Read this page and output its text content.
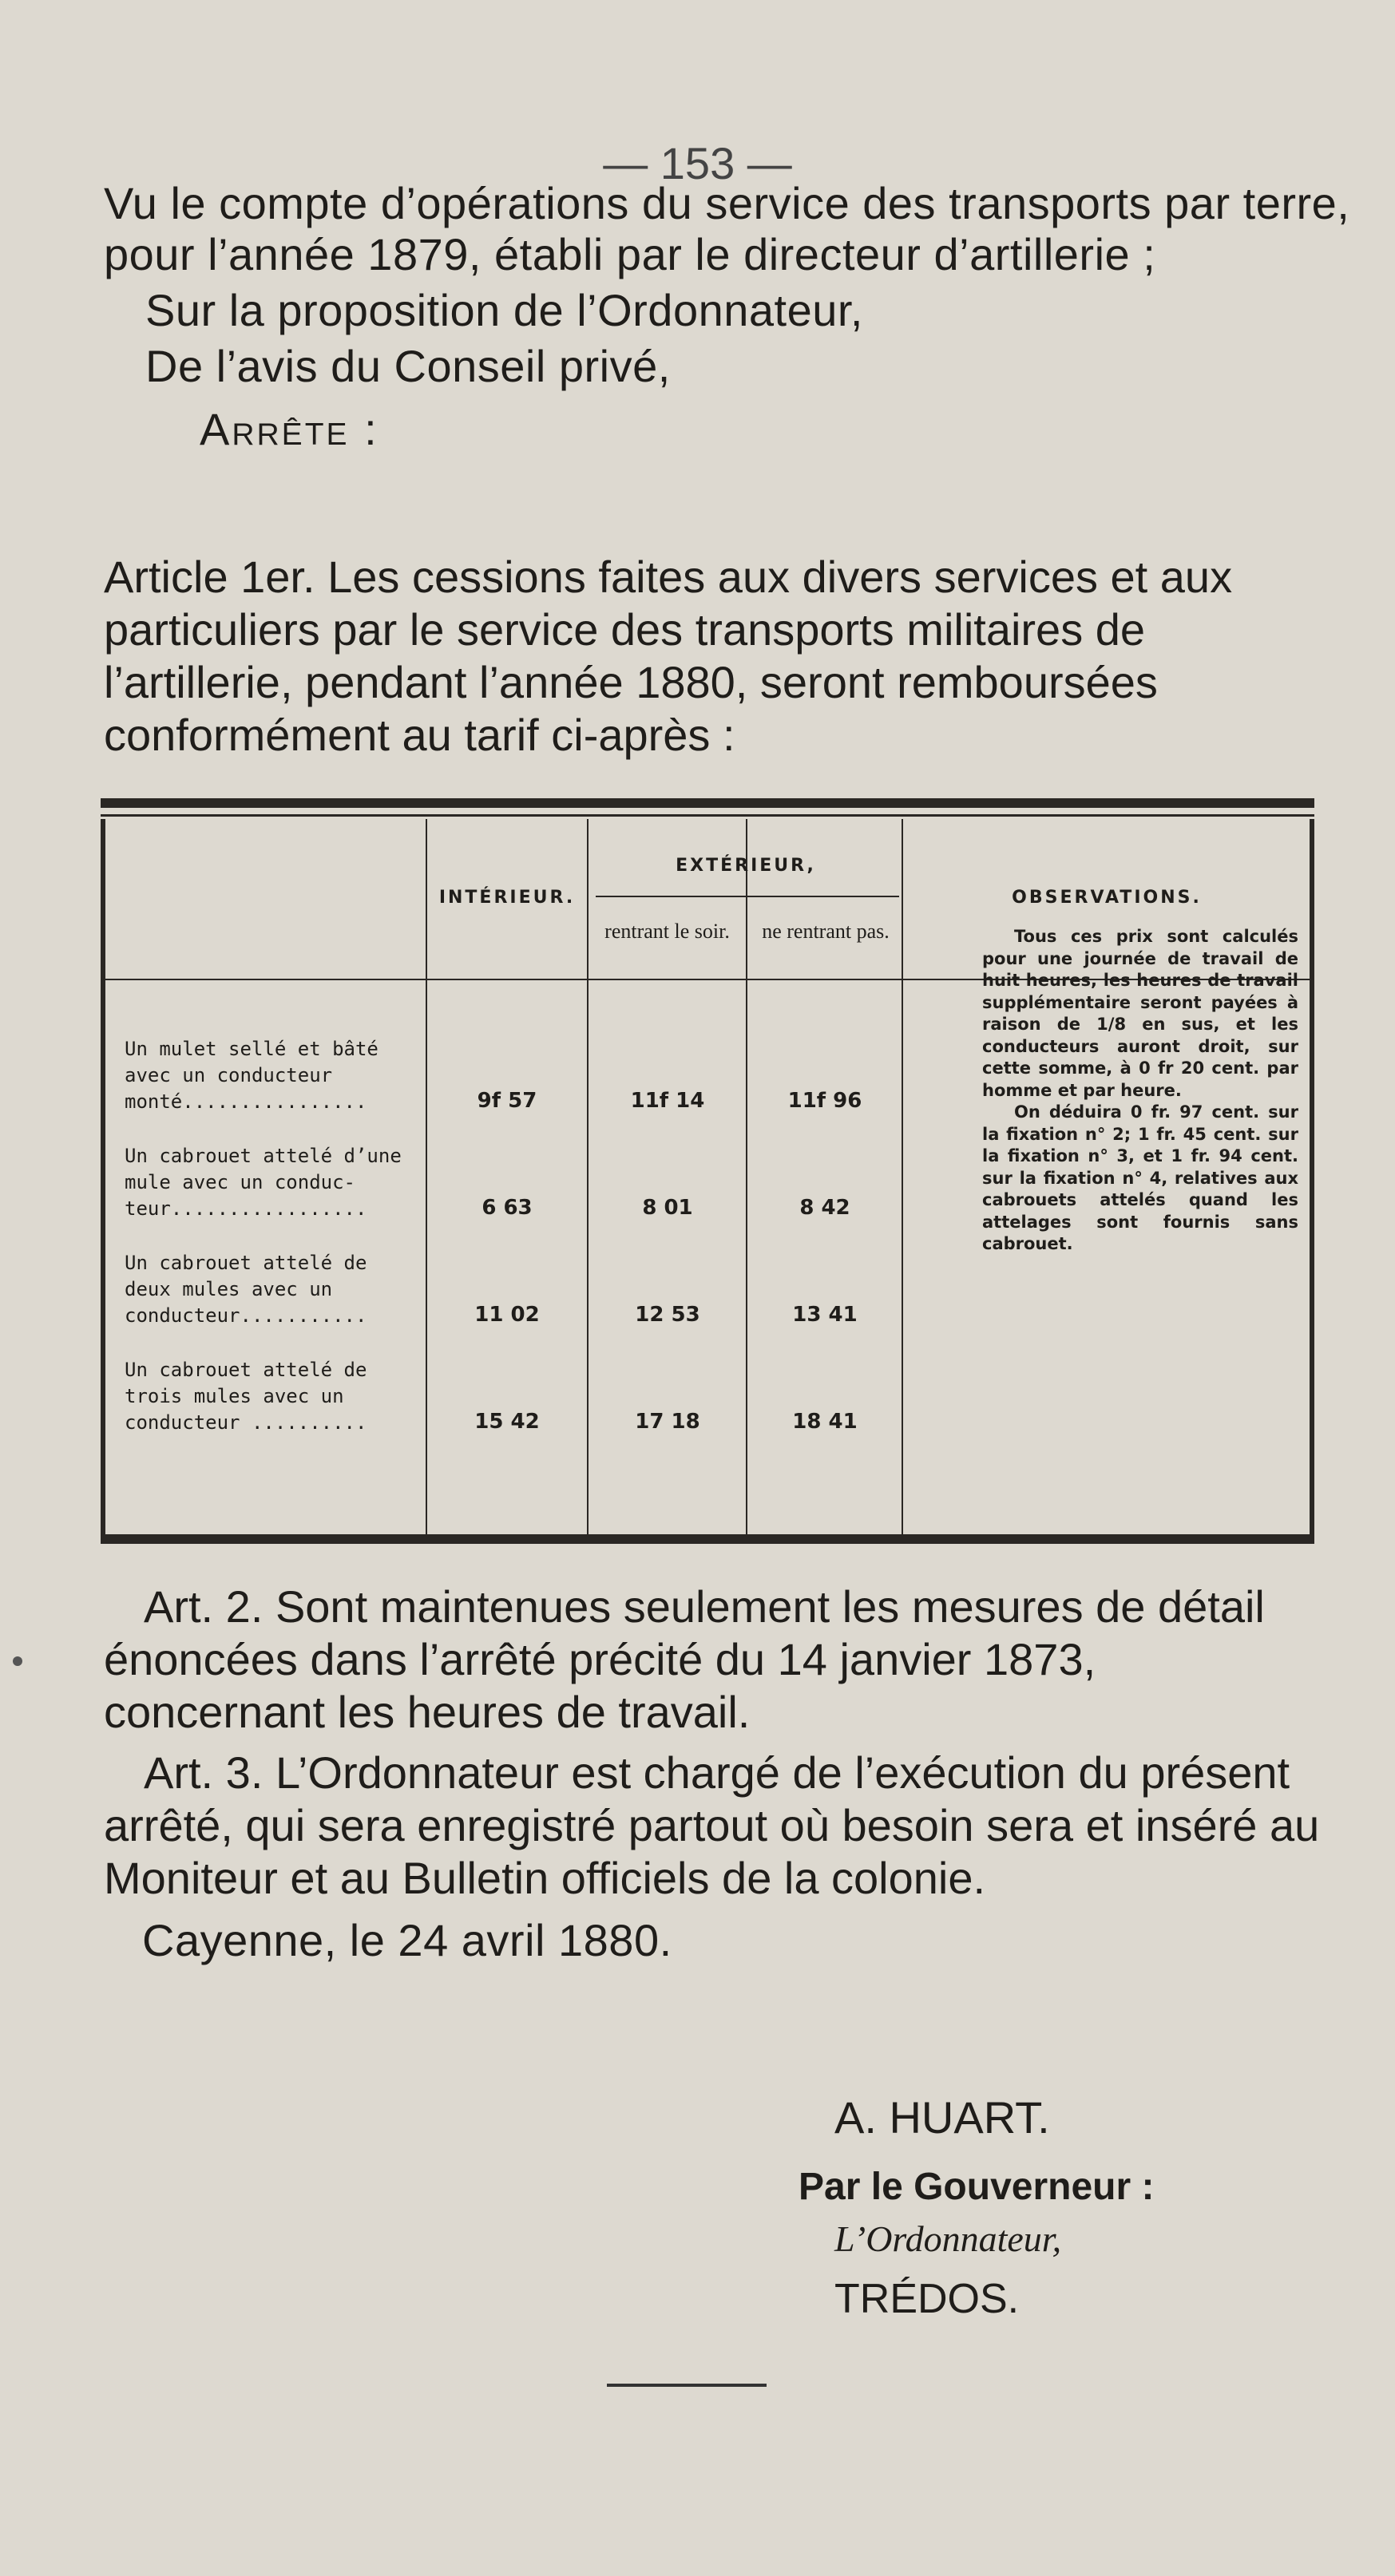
— 153 —
Vu le compte d’opérations du service des transports par terre,
pour l’année 1879, établi par le directeur d’artillerie ;
Sur la proposition de l’Ordonnateur,
De l’avis du Conseil privé,
Arrête :

Article 1er. Les cessions faites aux divers services et aux particuliers par le service des transports militaires de l’artillerie, pendant l’année 1880, seront remboursées conformément au tarif ci-après :

INTÉRIEUR.
EXTÉRIEUR,
rentrant le soir.	ne rentrant pas.
OBSERVATIONS.
Un mulet sellé et bâté
avec un conducteur
monté................	9f 57	11f 14	11f 96
Un cabrouet attelé d’une
mule avec un conduc-
teur.................	6 63	8 01	8 42
Un cabrouet attelé de
deux mules avec un
conducteur...........	11 02	12 53	13 41
Un cabrouet attelé de
trois mules avec un
conducteur ..........	15 42	17 18	18 41

Tous ces prix sont calculés pour une journée de travail de huit heures, les heures de travail supplémentaire seront payées à raison de 1/8 en sus, et les conducteurs auront droit, sur cette somme, à 0 fr 20 cent. par homme et par heure.

On déduira 0 fr. 97 cent. sur la fixation n° 2; 1 fr. 45 cent. sur la fixation n° 3, et 1 fr. 94 cent. sur la fixation n° 4, relatives aux cabrouets attelés quand les attelages sont fournis sans cabrouet.

Art. 2. Sont maintenues seulement les mesures de détail énoncées dans l’arrêté précité du 14 janvier 1873, concernant les heures de travail.

Art. 3. L’Ordonnateur est chargé de l’exécution du présent arrêté, qui sera enregistré partout où besoin sera et inséré au Moniteur et au Bulletin officiels de la colonie.

Cayenne, le 24 avril 1880.
A. HUART.
Par le Gouverneur :
L’Ordonnateur,
TRÉDOS.
